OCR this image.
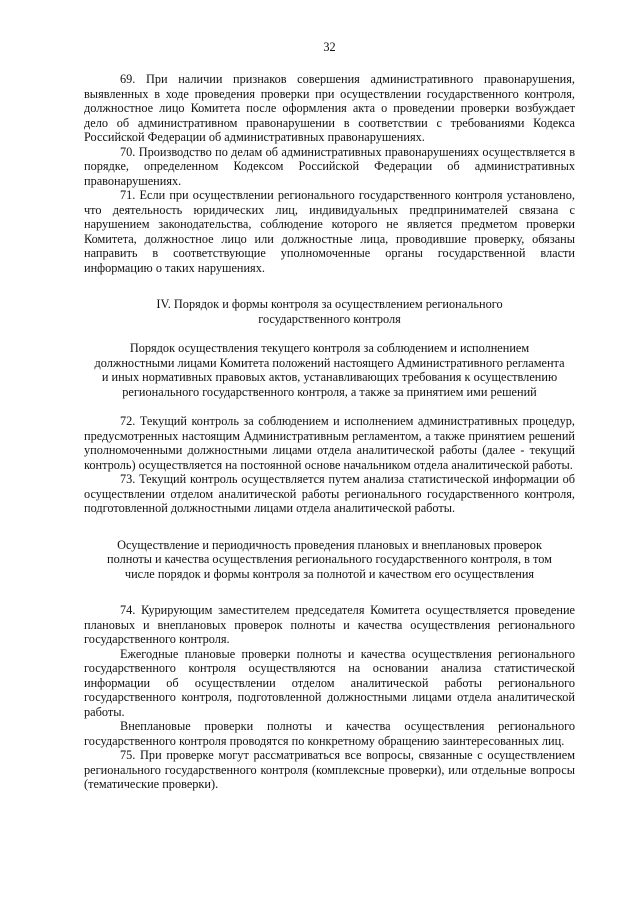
32

69. При наличии признаков совершения административного правонарушения, выявленных в ходе проведения проверки при осуществлении государственного контроля, должностное лицо Комитета после оформления акта о проведении проверки возбуждает дело об административном правонарушении в соответствии с требованиями Кодекса Российской Федерации об административных правонарушениях.

70. Производство по делам об административных правонарушениях осуществляется в порядке, определенном Кодексом Российской Федерации об административных правонарушениях.

71. Если при осуществлении регионального государственного контроля установлено, что деятельность юридических лиц, индивидуальных предпринимателей связана с нарушением законодательства, соблюдение которого не является предметом проверки Комитета, должностное лицо или должностные лица, проводившие проверку, обязаны направить в соответствующие уполномоченные органы государственной власти информацию о таких нарушениях.

IV. Порядок и формы контроля за осуществлением регионального государственного контроля

Порядок осуществления текущего контроля за соблюдением и исполнением должностными лицами Комитета положений настоящего Административного регламента и иных нормативных правовых актов, устанавливающих требования к осуществлению регионального государственного контроля, а также за принятием ими решений

72. Текущий контроль за соблюдением и исполнением административных процедур, предусмотренных настоящим Административным регламентом, а также принятием решений уполномоченными должностными лицами отдела аналитической работы (далее - текущий контроль) осуществляется на постоянной основе начальником отдела аналитической работы.

73. Текущий контроль осуществляется путем анализа статистической информации об осуществлении отделом аналитической работы регионального государственного контроля, подготовленной должностными лицами отдела аналитической работы.

Осуществление и периодичность проведения плановых и внеплановых проверок полноты и качества осуществления регионального государственного контроля, в том числе порядок и формы контроля за полнотой и качеством его осуществления

74. Курирующим заместителем председателя Комитета осуществляется проведение плановых и внеплановых проверок полноты и качества осуществления регионального государственного контроля.

Ежегодные плановые проверки полноты и качества осуществления регионального государственного контроля осуществляются на основании анализа статистической информации об осуществлении отделом аналитической работы регионального государственного контроля, подготовленной должностными лицами отдела аналитической работы.

Внеплановые проверки полноты и качества осуществления регионального государственного контроля проводятся по конкретному обращению заинтересованных лиц.

75. При проверке могут рассматриваться все вопросы, связанные с осуществлением регионального государственного контроля (комплексные проверки), или отдельные вопросы (тематические проверки).
